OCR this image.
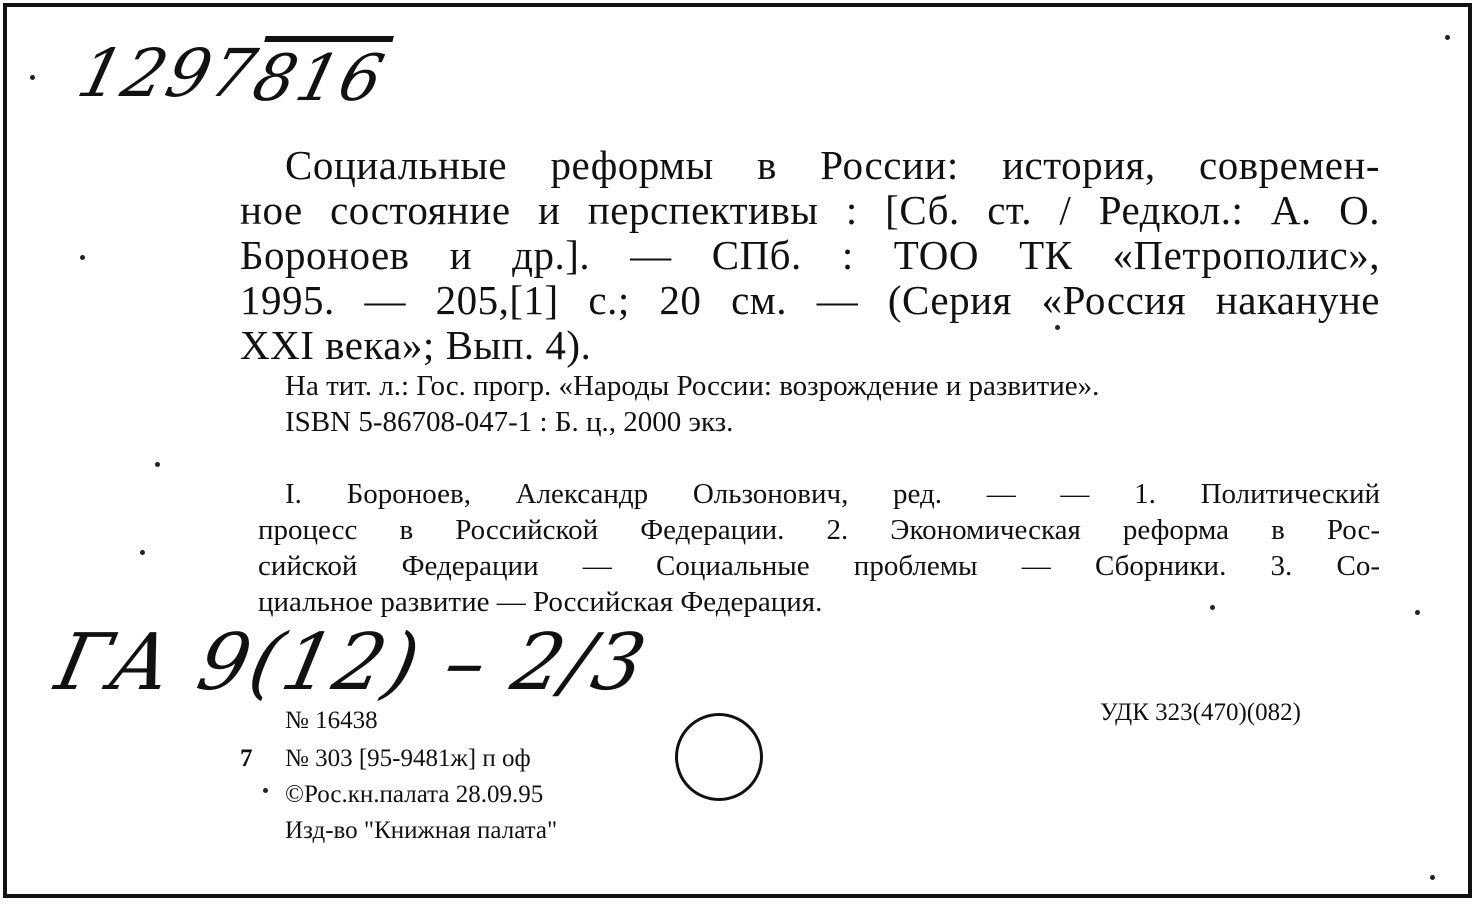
1297
816

Социальные реформы в России: история, современ-

ное состояние и перспективы : [Сб. ст. / Редкол.: А. О.

Бороноев и др.]. — СПб. : ТОО ТК «Петрополис»,

1995. — 205,[1] с.; 20 см. — (Серия «Россия накануне

XXI века»; Вып. 4).

На тит. л.: Гос. прогр. «Народы России: возрождение и развитие».

ISBN 5-86708-047-1 : Б. ц., 2000 экз.

I. Бороноев, Александр Ользонович, ред. — — 1. Политический

процесс в Российской Федерации. 2. Экономическая реформа в Рос-

сийской Федерации — Социальные проблемы — Сборники. 3. Со-

циальное развитие — Российская Федерация.

ГА 9(12) – 2/3

№ 16438

7 № 303 [95-9481ж] п оф

©Рос.кн.палата 28.09.95

Изд-во "Книжная палата"

УДК 323(470)(082)
